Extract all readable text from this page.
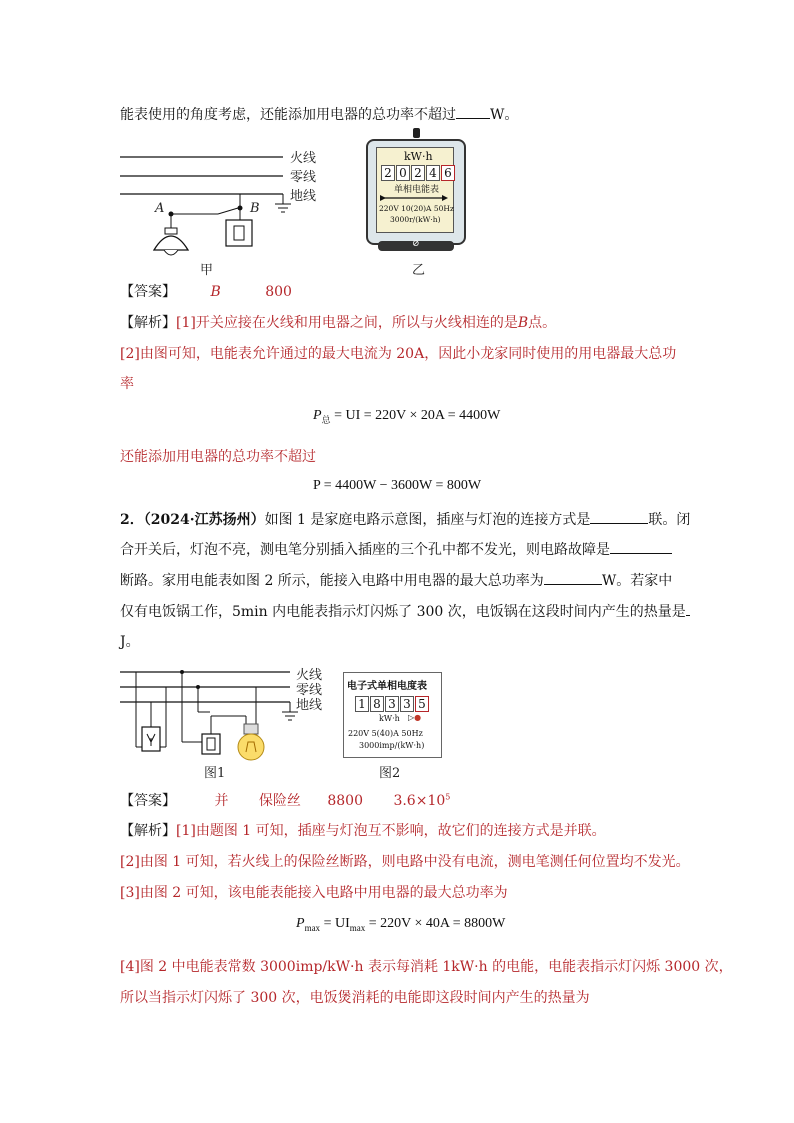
能表使用的角度考虑，还能添加用电器的总功率不超过 W。
火线
零线
地线
A	B
甲
kW·h
2 0 2 4 6
单相电能表
220V 10(20)A 50Hz
3000r/(kW·h)
⊘
乙
【答案】 B	800
【解析】[1]开关应接在火线和用电器之间，所以与火线相连的是B点。
[2]由图可知，电能表允许通过的最大电流为 20A，因此小龙家同时使用的用电器最大总功
率
$P_总$ = UI = 220V × 20A = 4400W
还能添加用电器的总功率不超过
P = 4400W − 3600W = 800W
2．（2024·江苏扬州）如图 1 是家庭电路示意图，插座与灯泡的连接方式是	联。闭
合开关后，灯泡不亮，测电笔分别插入插座的三个孔中都不发光，则电路故障是
断路。家用电能表如图 2 所示，能接入电路中用电器的最大总功率为	W。若家中
仅有电饭锅工作，5min 内电能表指示灯闪烁了 300 次，电饭锅在这段时间内产生的热量是
J。
火线
零线
地线
图1
电子式单相电度表
1 8 3 3 5
kW·h ▷●
220V 5(40)A 50Hz
3000imp/(kW·h)
图2
【答案】	并 保险丝 8800 $3.6\times 10^5$
【解析】[1]由题图 1 可知，插座与灯泡互不影响，故它们的连接方式是并联。
[2]由图 1 可知，若火线上的保险丝断路，则电路中没有电流，测电笔测任何位置均不发光。
[3]由图 2 可知，该电能表能接入电路中用电器的最大总功率为
$P_{max} = UI_{max} = 220V \times 40A = 8800W$
[4]图 2 中电能表常数 3000imp/kW·h 表示每消耗 1kW·h 的电能，电能表指示灯闪烁 3000 次，
所以当指示灯闪烁了 300 次，电饭煲消耗的电能即这段时间内产生的热量为
